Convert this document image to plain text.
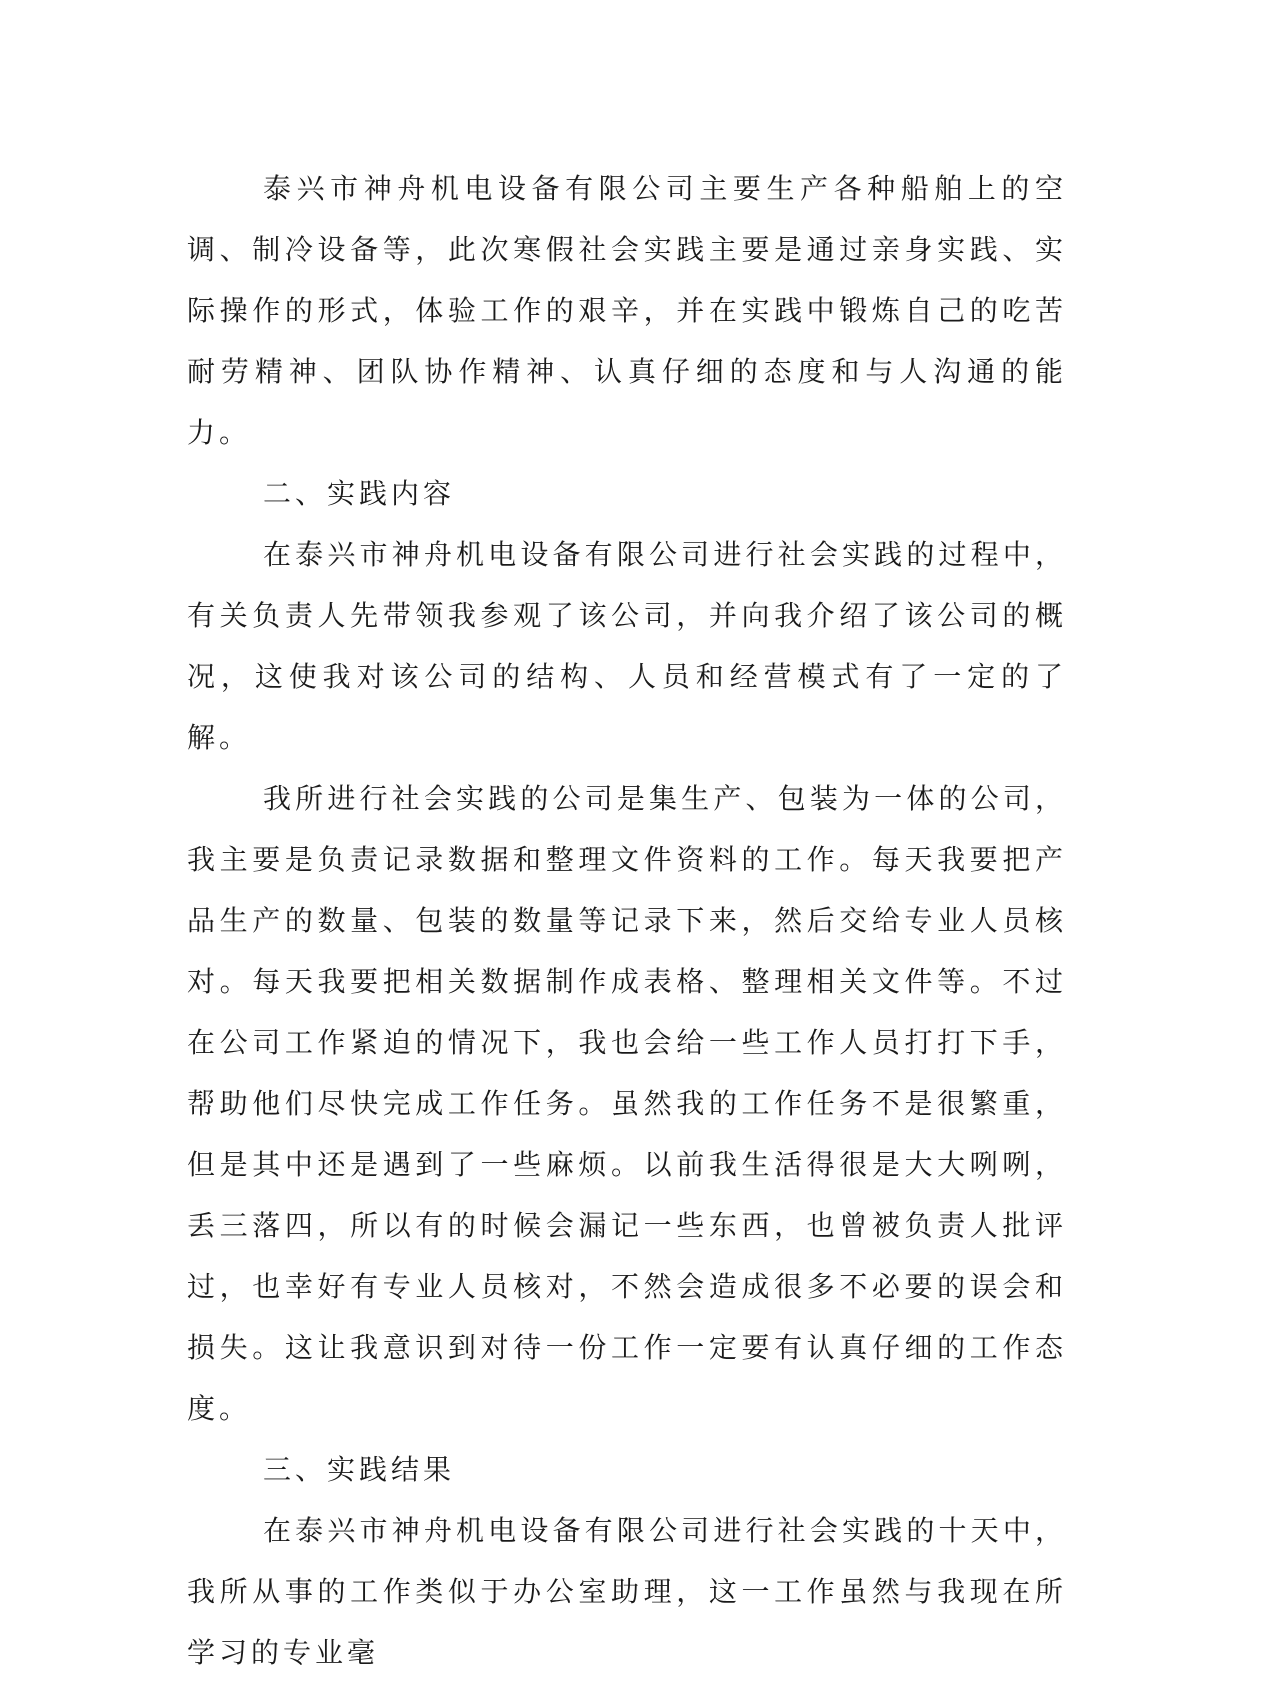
泰兴市神舟机电设备有限公司主要生产各种船舶上的空调、制冷设备等，此次寒假社会实践主要是通过亲身实践、实际操作的形式，体验工作的艰辛，并在实践中锻炼自己的吃苦耐劳精神、团队协作精神、认真仔细的态度和与人沟通的能力。

二、实践内容

在泰兴市神舟机电设备有限公司进行社会实践的过程中，有关负责人先带领我参观了该公司，并向我介绍了该公司的概况，这使我对该公司的结构、人员和经营模式有了一定的了解。

我所进行社会实践的公司是集生产、包装为一体的公司，我主要是负责记录数据和整理文件资料的工作。每天我要把产品生产的数量、包装的数量等记录下来，然后交给专业人员核对。每天我要把相关数据制作成表格、整理相关文件等。不过在公司工作紧迫的情况下，我也会给一些工作人员打打下手，帮助他们尽快完成工作任务。虽然我的工作任务不是很繁重，但是其中还是遇到了一些麻烦。以前我生活得很是大大咧咧，丢三落四，所以有的时候会漏记一些东西，也曾被负责人批评过，也幸好有专业人员核对，不然会造成很多不必要的误会和损失。这让我意识到对待一份工作一定要有认真仔细的工作态度。

三、实践结果

在泰兴市神舟机电设备有限公司进行社会实践的十天中，我所从事的工作类似于办公室助理，这一工作虽然与我现在所学习的专业毫
